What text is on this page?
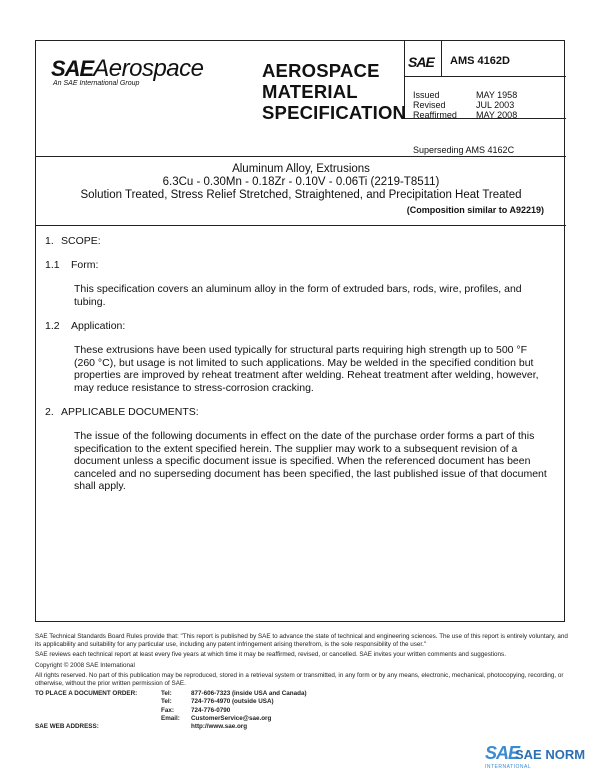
SAEAerospace
An SAE International Group
AEROSPACE
MATERIAL
SPECIFICATION
SAE AMS 4162D
Issued	MAY 1958
Revised	JUL 2003
Reaffirmed	MAY 2008
Superseding AMS 4162C
Aluminum Alloy, Extrusions
6.3Cu - 0.30Mn - 0.18Zr - 0.10V - 0.06Ti (2219-T8511)
Solution Treated, Stress Relief Stretched, Straightened, and Precipitation Heat Treated
(Composition similar to A92219)
1. SCOPE:
1.1 Form:

This specification covers an aluminum alloy in the form of extruded bars, rods, wire, profiles, and tubing.

1.2 Application:

These extrusions have been used typically for structural parts requiring high strength up to 500 °F (260 °C), but usage is not limited to such applications. May be welded in the specified condition but properties are improved by reheat treatment after welding. Reheat treatment after welding, however, may reduce resistance to stress-corrosion cracking.

2. APPLICABLE DOCUMENTS:

The issue of the following documents in effect on the date of the purchase order forms a part of this specification to the extent specified herein. The supplier may work to a subsequent revision of a document unless a specific document issue is specified. When the referenced document has been canceled and no superseding document has been specified, the last published issue of that document shall apply.

SAE Technical Standards Board Rules provide that: "This report is published by SAE to advance the state of technical and engineering sciences. The use of this report is entirely voluntary, and its applicability and suitability for any particular use, including any patent infringement arising therefrom, is the sole responsibility of the user."

SAE reviews each technical report at least every five years at which time it may be reaffirmed, revised, or cancelled. SAE invites your written comments and suggestions.

Copyright © 2008 SAE International

All rights reserved. No part of this publication may be reproduced, stored in a retrieval system or transmitted, in any form or by any means, electronic, mechanical, photocopying, recording, or otherwise, without the prior written permission of SAE.

TO PLACE A DOCUMENT ORDER:	Tel:	877-606-7323 (inside USA and Canada)
Tel:	724-776-4970 (outside USA)
Fax:	724-776-0790
Email:	CustomerService@sae.org
SAE WEB ADDRESS:	http://www.sae.org
SAE
SAE NORM
INTERNATIONAL
